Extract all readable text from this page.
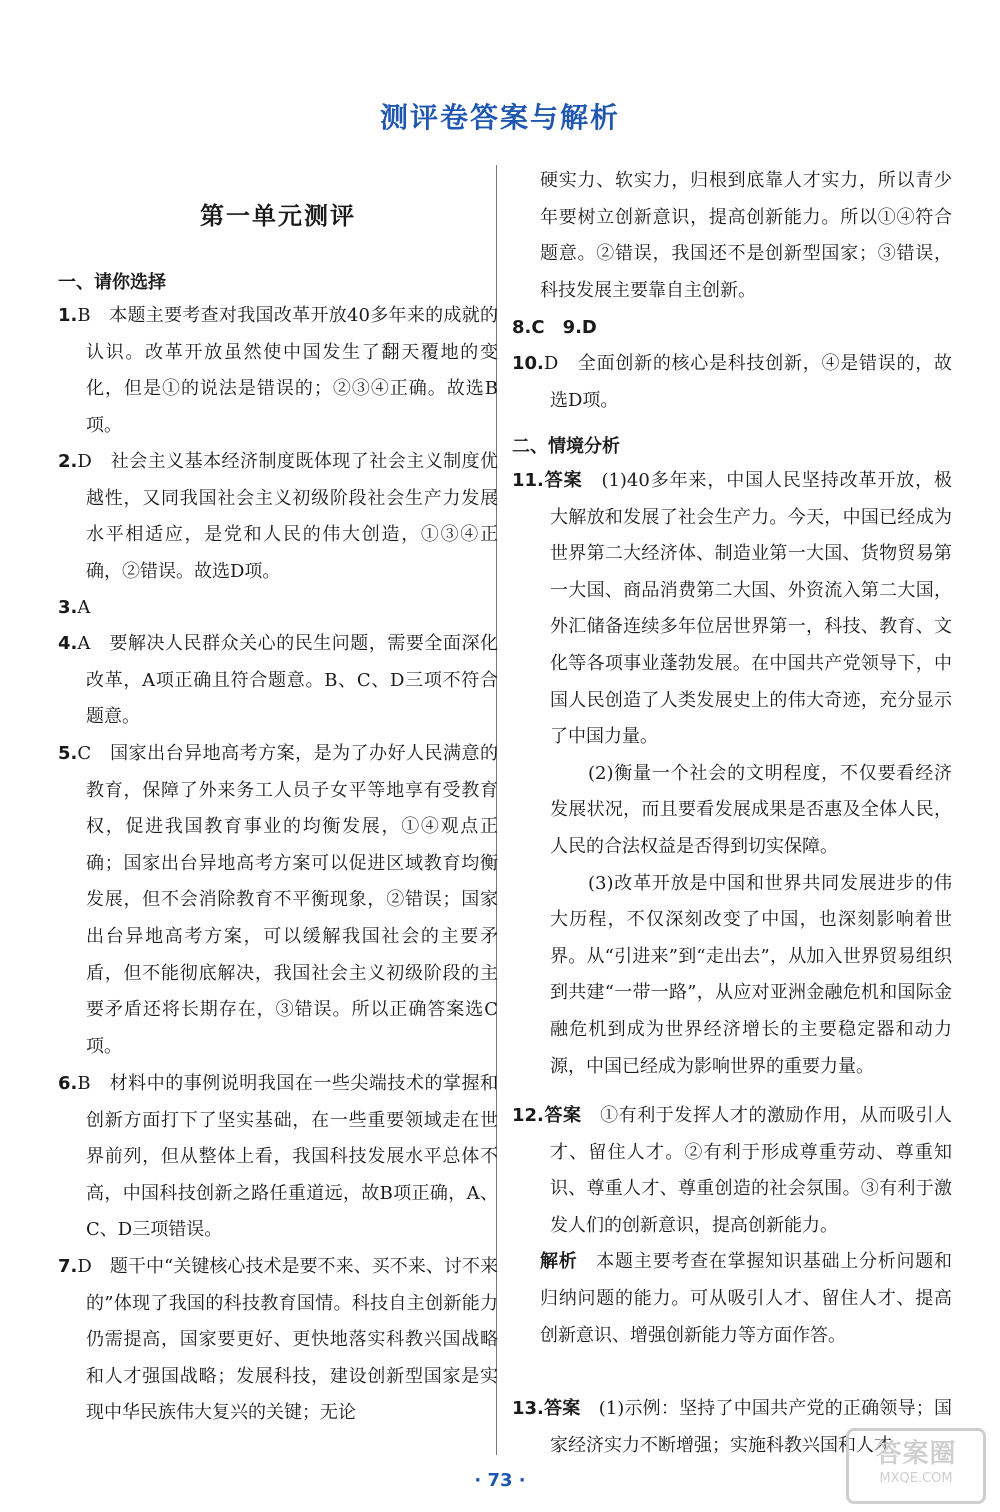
测评卷答案与解析
第一单元测评
一、请你选择

1.B　 本题主要考查对我国改革开放40多年来的成就的认识。改革开放虽然使中国发生了翻天覆地的变化，但是①的说法是错误的；②③④正确。故选B项。

2.D　 社会主义基本经济制度既体现了社会主义制度优越性，又同我国社会主义初级阶段社会生产力发展水平相适应，是党和人民的伟大创造，①③④正确，②错误。故选D项。

3.A

4.A　 要解决人民群众关心的民生问题，需要全面深化改革，A项正确且符合题意。B、C、D三项不符合题意。

5.C　 国家出台异地高考方案，是为了办好人民满意的教育，保障了外来务工人员子女平等地享有受教育权，促进我国教育事业的均衡发展，①④观点正确；国家出台异地高考方案可以促进区域教育均衡发展，但不会消除教育不平衡现象，②错误；国家出台异地高考方案，可以缓解我国社会的主要矛盾，但不能彻底解决，我国社会主义初级阶段的主要矛盾还将长期存在，③错误。所以正确答案选C项。

6.B　 材料中的事例说明我国在一些尖端技术的掌握和创新方面打下了坚实基础，在一些重要领域走在世界前列，但从整体上看，我国科技发展水平总体不高，中国科技创新之路任重道远，故B项正确，A、C、D三项错误。

7.D　 题干中“关键核心技术是要不来、买不来、讨不来的”体现了我国的科技教育国情。科技自主创新能力仍需提高，国家要更好、更快地落实科教兴国战略和人才强国战略；发展科技，建设创新型国家是实现中华民族伟大复兴的关键；无论

硬实力、软实力，归根到底靠人才实力，所以青少年要树立创新意识，提高创新能力。所以①④符合题意。②错误，我国还不是创新型国家；③错误，科技发展主要靠自主创新。

8.C　9.D

10.D　 全面创新的核心是科技创新，④是错误的，故选D项。

二、情境分析

11.答案　 (1)40多年来，中国人民坚持改革开放，极大解放和发展了社会生产力。今天，中国已经成为世界第二大经济体、制造业第一大国、货物贸易第一大国、商品消费第二大国、外资流入第二大国，外汇储备连续多年位居世界第一，科技、教育、文化等各项事业蓬勃发展。在中国共产党领导下，中国人民创造了人类发展史上的伟大奇迹，充分显示了中国力量。

(2)衡量一个社会的文明程度，不仅要看经济发展状况，而且要看发展成果是否惠及全体人民，人民的合法权益是否得到切实保障。

(3)改革开放是中国和世界共同发展进步的伟大历程，不仅深刻改变了中国，也深刻影响着世界。从“引进来”到“走出去”，从加入世界贸易组织到共建“一带一路”，从应对亚洲金融危机和国际金融危机到成为世界经济增长的主要稳定器和动力源，中国已经成为影响世界的重要力量。

12.答案　 ①有利于发挥人才的激励作用，从而吸引人才、留住人才。②有利于形成尊重劳动、尊重知识、尊重人才、尊重创造的社会氛围。③有利于激发人们的创新意识，提高创新能力。

解析　 本题主要考查在掌握知识基础上分析问题和归纳问题的能力。可从吸引人才、留住人才、提高创新意识、增强创新能力等方面作答。

13.答案　 (1)示例：坚持了中国共产党的正确领导；国家经济实力不断增强；实施科教兴国和人才

· 73 ·
答案圈
MXQE.COM
